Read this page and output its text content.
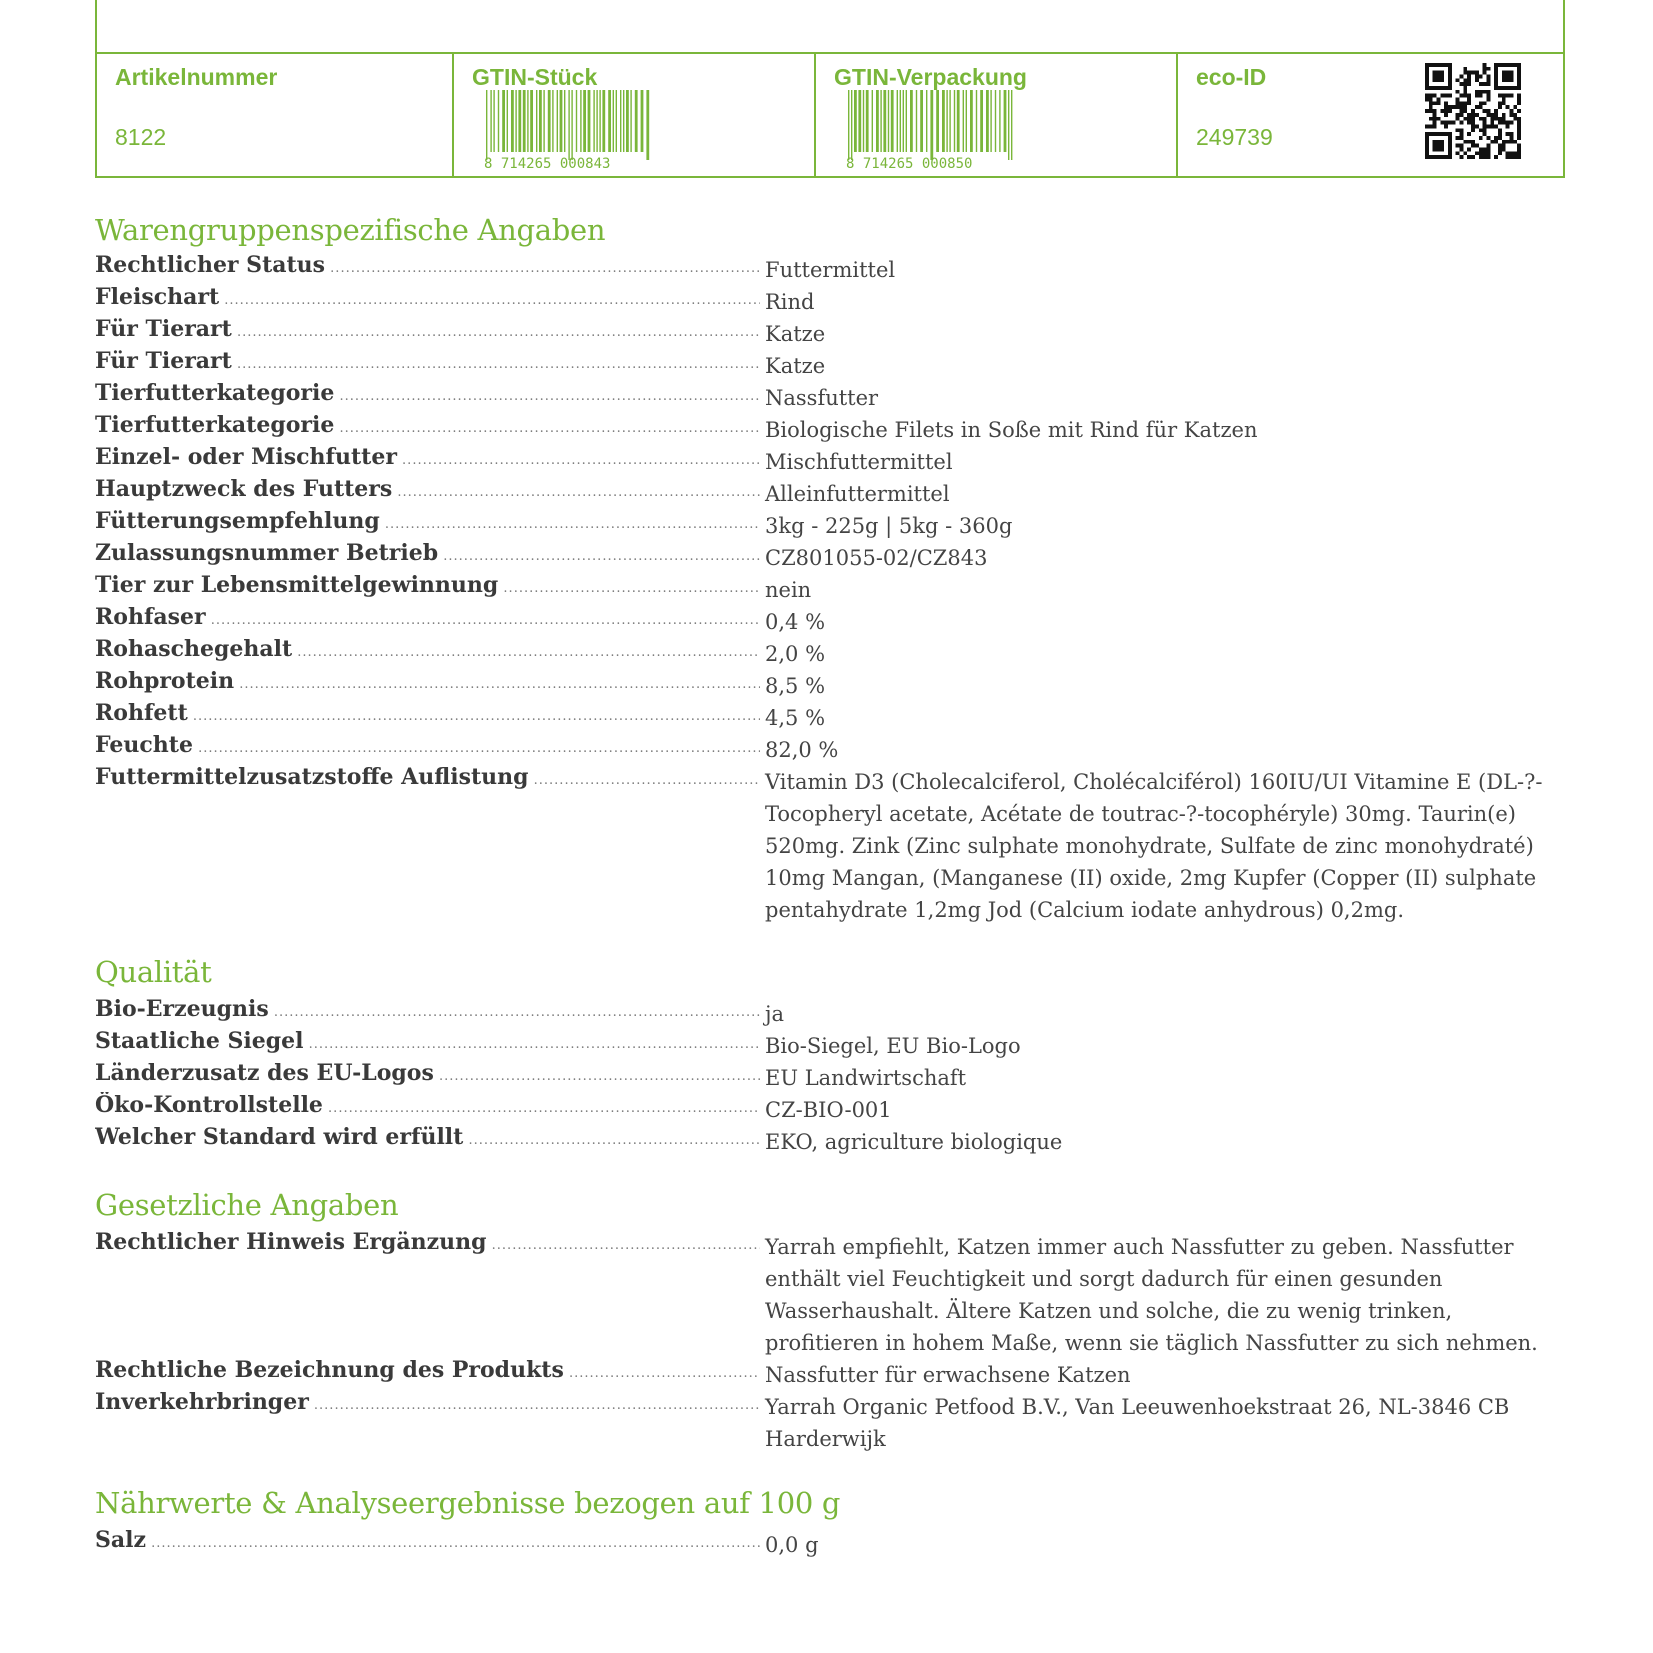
Artikelnummer
8122
GTIN-Stück
8 714265 000843
GTIN-Verpackung
8 714265 000850
eco-ID
249739
Warengruppenspezifische Angaben
Rechtlicher Status .....	Futtermittel
Fleischart .....	Rind
Für Tierart .....	Katze
Für Tierart .....	Katze
Tierfutterkategorie .....	Nassfutter
Tierfutterkategorie .....	Biologische Filets in Soße mit Rind für Katzen
Einzel- oder Mischfutter .....	Mischfuttermittel
Hauptzweck des Futters .....	Alleinfuttermittel
Fütterungsempfehlung .....	3kg - 225g | 5kg - 360g
Zulassungsnummer Betrieb .....	CZ801055-02/CZ843
Tier zur Lebensmittelgewinnung .....	nein
Rohfaser .....	0,4 %
Rohaschegehalt .....	2,0 %
Rohprotein .....	8,5 %
Rohfett .....	4,5 %
Feuchte .....	82,0 %
Futtermittelzusatzstoffe Auflistung .....	Vitamin D3 (Cholecalciferol, Cholécalciférol) 160IU/UI Vitamine E (DL-?-Tocopheryl acetate, Acétate de toutrac-?-tocophéryle) 30mg. Taurin(e) 520mg. Zink (Zinc sulphate monohydrate, Sulfate de zinc monohydraté) 10mg Mangan, (Manganese (II) oxide, 2mg Kupfer (Copper (II) sulphate pentahydrate 1,2mg Jod (Calcium iodate anhydrous) 0,2mg.
Qualität
Bio-Erzeugnis .....	ja
Staatliche Siegel .....	Bio-Siegel, EU Bio-Logo
Länderzusatz des EU-Logos .....	EU Landwirtschaft
Öko-Kontrollstelle .....	CZ-BIO-001
Welcher Standard wird erfüllt .....	EKO, agriculture biologique
Gesetzliche Angaben
Rechtlicher Hinweis Ergänzung .....	Yarrah empfiehlt, Katzen immer auch Nassfutter zu geben. Nassfutter enthält viel Feuchtigkeit und sorgt dadurch für einen gesunden Wasserhaushalt. Ältere Katzen und solche, die zu wenig trinken, profitieren in hohem Maße, wenn sie täglich Nassfutter zu sich nehmen.
Rechtliche Bezeichnung des Produkts .....	Nassfutter für erwachsene Katzen
Inverkehrbringer .....	Yarrah Organic Petfood B.V., Van Leeuwenhoekstraat 26, NL-3846 CB Harderwijk
Nährwerte & Analyseergebnisse bezogen auf 100 g
Salz .....	0,0 g
